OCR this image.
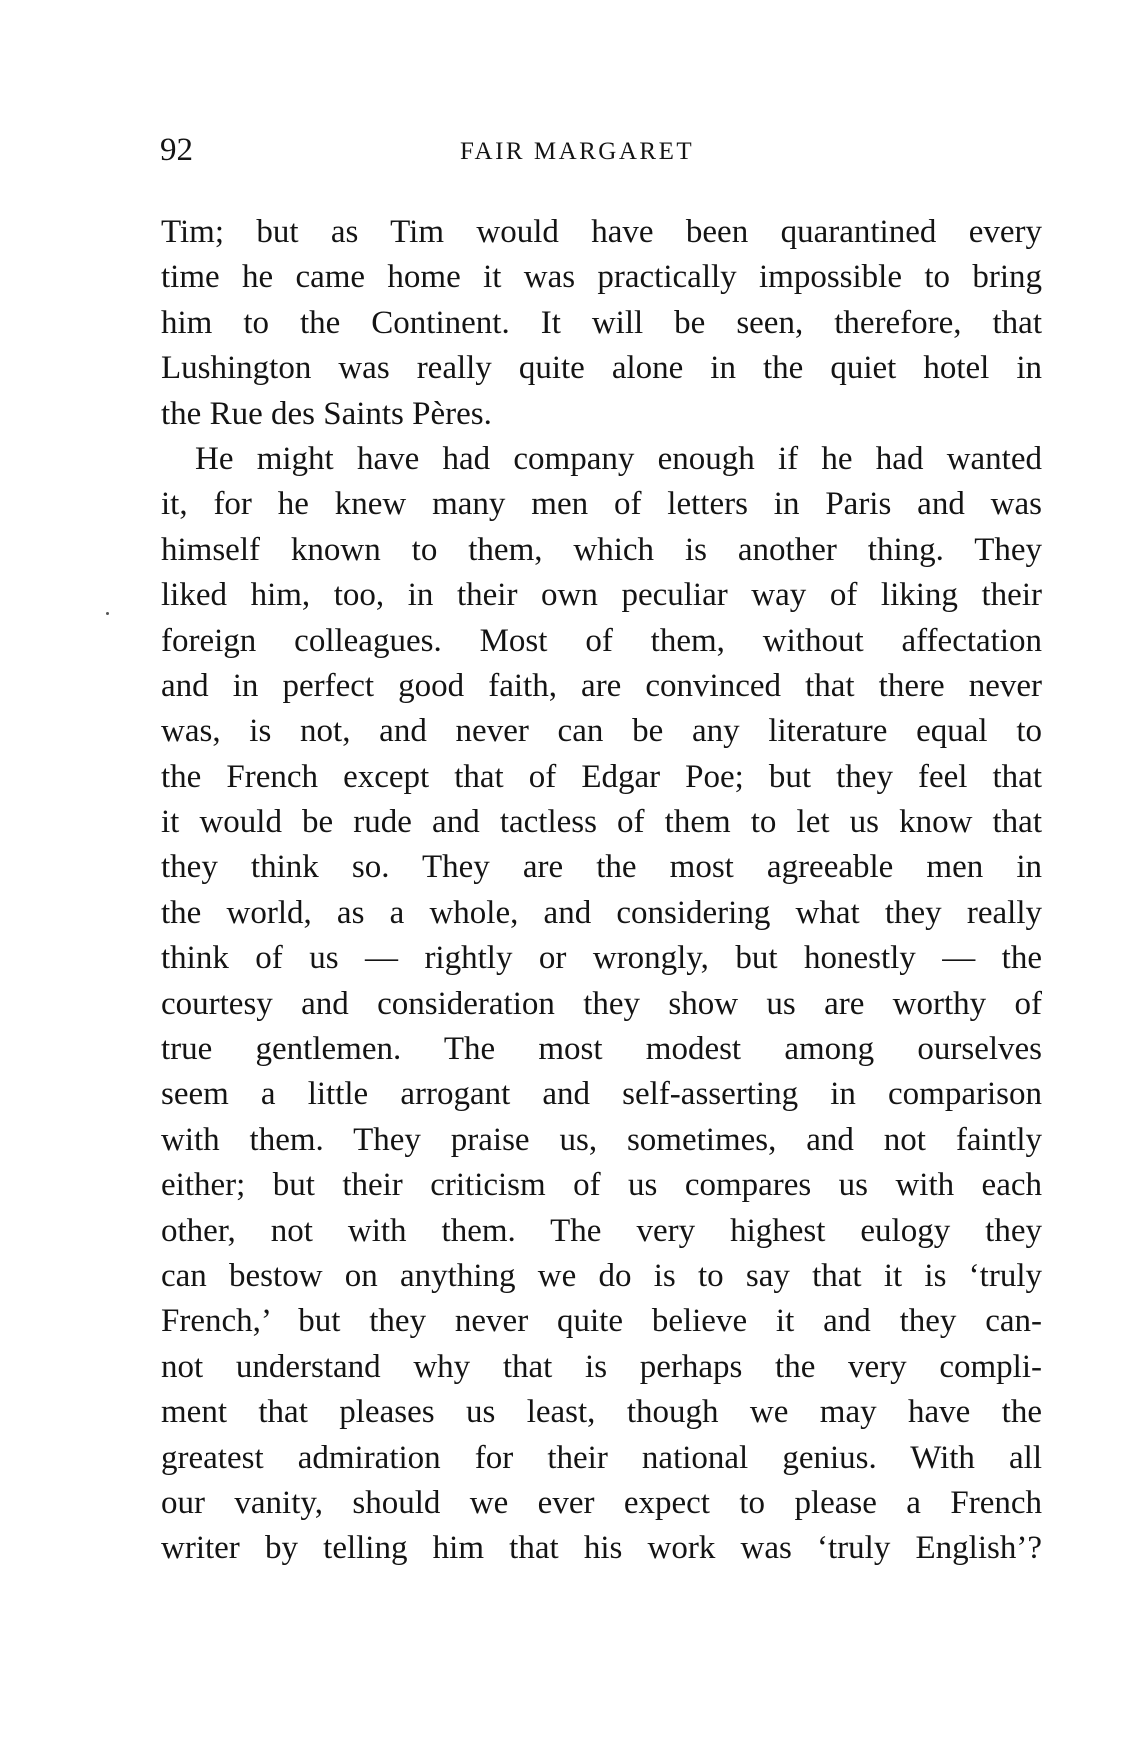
92	FAIR MARGARET
Tim; but as Tim would have been quarantined every
time he came home it was practically impossible to bring
him to the Continent. It will be seen, therefore, that
Lushington was really quite alone in the quiet hotel in
the Rue des Saints Pères.
He might have had company enough if he had wanted
it, for he knew many men of letters in Paris and was
himself known to them, which is another thing. They
liked him, too, in their own peculiar way of liking their
foreign colleagues. Most of them, without affectation
and in perfect good faith, are convinced that there never
was, is not, and never can be any literature equal to
the French except that of Edgar Poe; but they feel that
it would be rude and tactless of them to let us know that
they think so. They are the most agreeable men in
the world, as a whole, and considering what they really
think of us — rightly or wrongly, but honestly — the
courtesy and consideration they show us are worthy of
true gentlemen. The most modest among ourselves
seem a little arrogant and self-asserting in comparison
with them. They praise us, sometimes, and not faintly
either; but their criticism of us compares us with each
other, not with them. The very highest eulogy they
can bestow on anything we do is to say that it is ‘truly
French,’ but they never quite believe it and they can-
not understand why that is perhaps the very compli-
ment that pleases us least, though we may have the
greatest admiration for their national genius. With all
our vanity, should we ever expect to please a French
writer by telling him that his work was ‘truly English’?
